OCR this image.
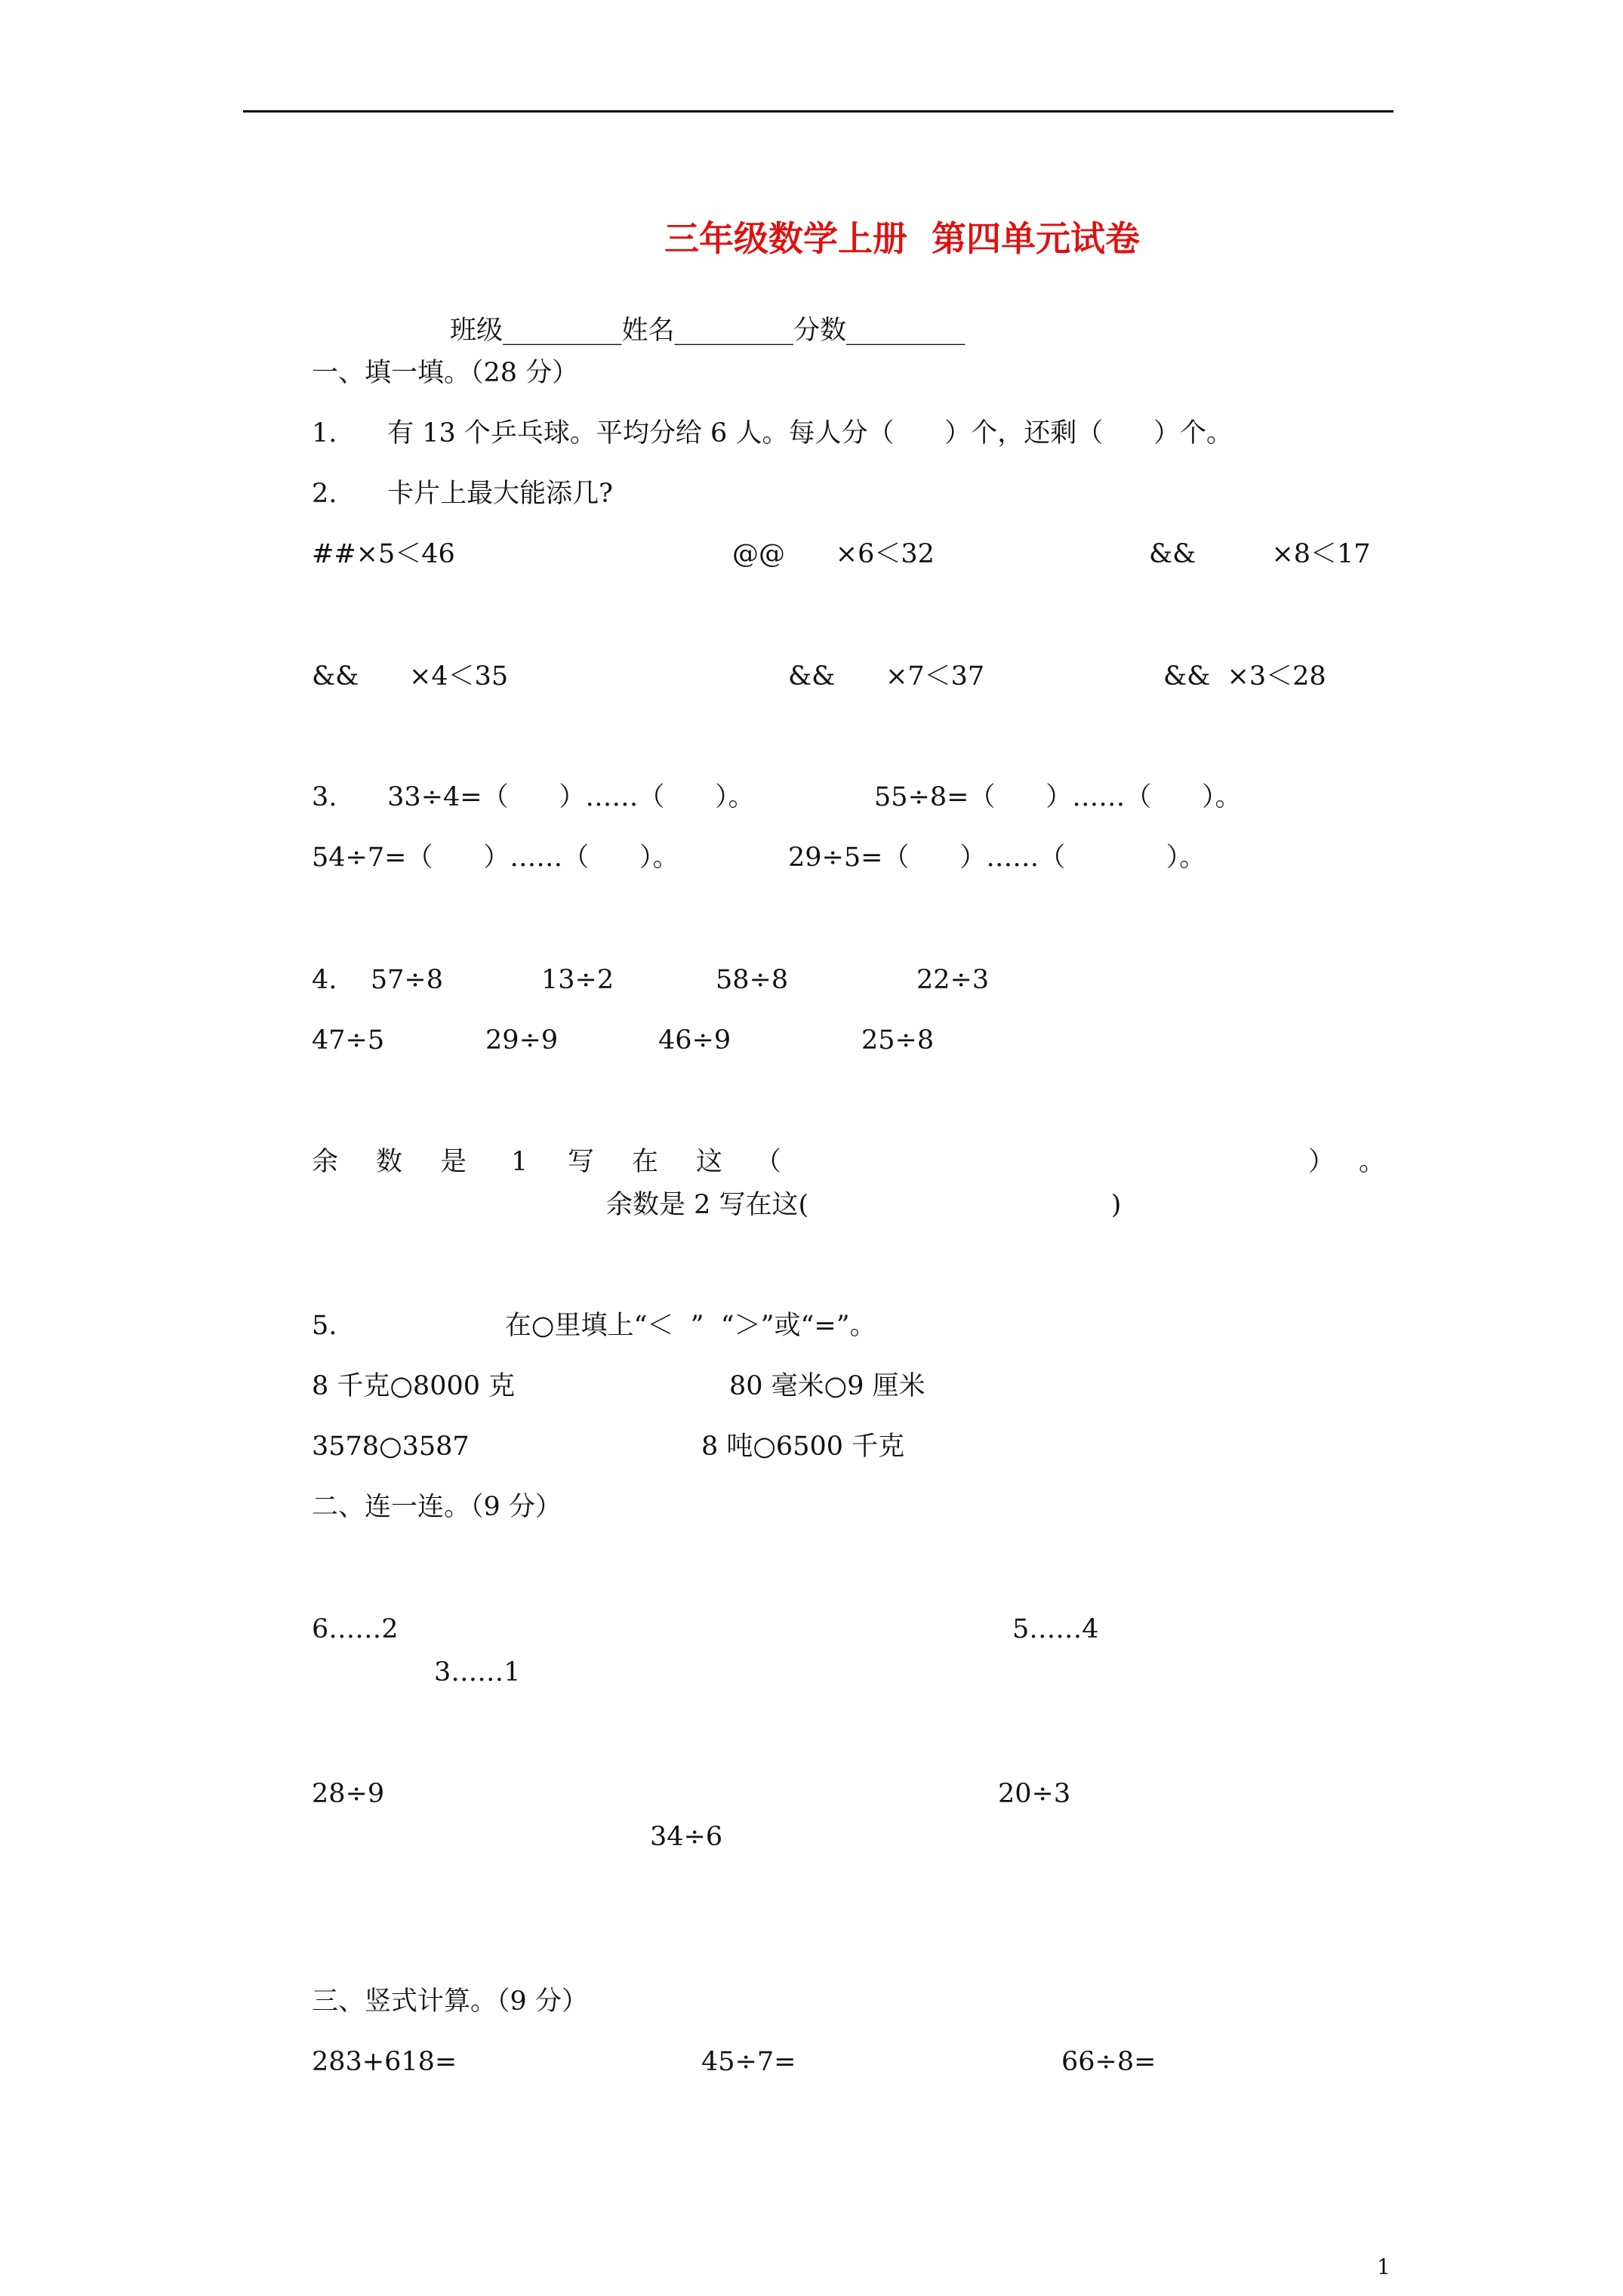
三年级数学上册  第四单元试卷
班级_________姓名_________分数_________
一、填一填。（28 分）
1.      有 13 个乒乓球。平均分给 6 人。每人分（      ）个，还剩（      ）个。
2.      卡片上最大能添几?
##×5＜46	@@      ×6＜32	&&         ×8＜17
&&      ×4＜35	&&      ×7＜37	&&  ×3＜28
3.      33÷4=（      ）……（      ）。	55÷8=（      ）……（      ）。
54÷7=（      ）……（      ）。	29÷5=（      ）……（            ）。
4.    57÷8	13÷2	58÷8	22÷3
47÷5	29÷9	46÷9	25÷8
余 数 是 1 写 在 这 （	） 。
余数是 2 写在这(                                    )
5.                    在○里填上“＜  ”  “＞”或“=”。
8 千克○8000 克	80 毫米○9 厘米
3578○3587	8 吨○6500 千克
二、连一连。（9 分）
6……2	5……4
3……1
28÷9	20÷3
34÷6
三、竖式计算。（9 分）
283+618=	45÷7=	66÷8=
1
